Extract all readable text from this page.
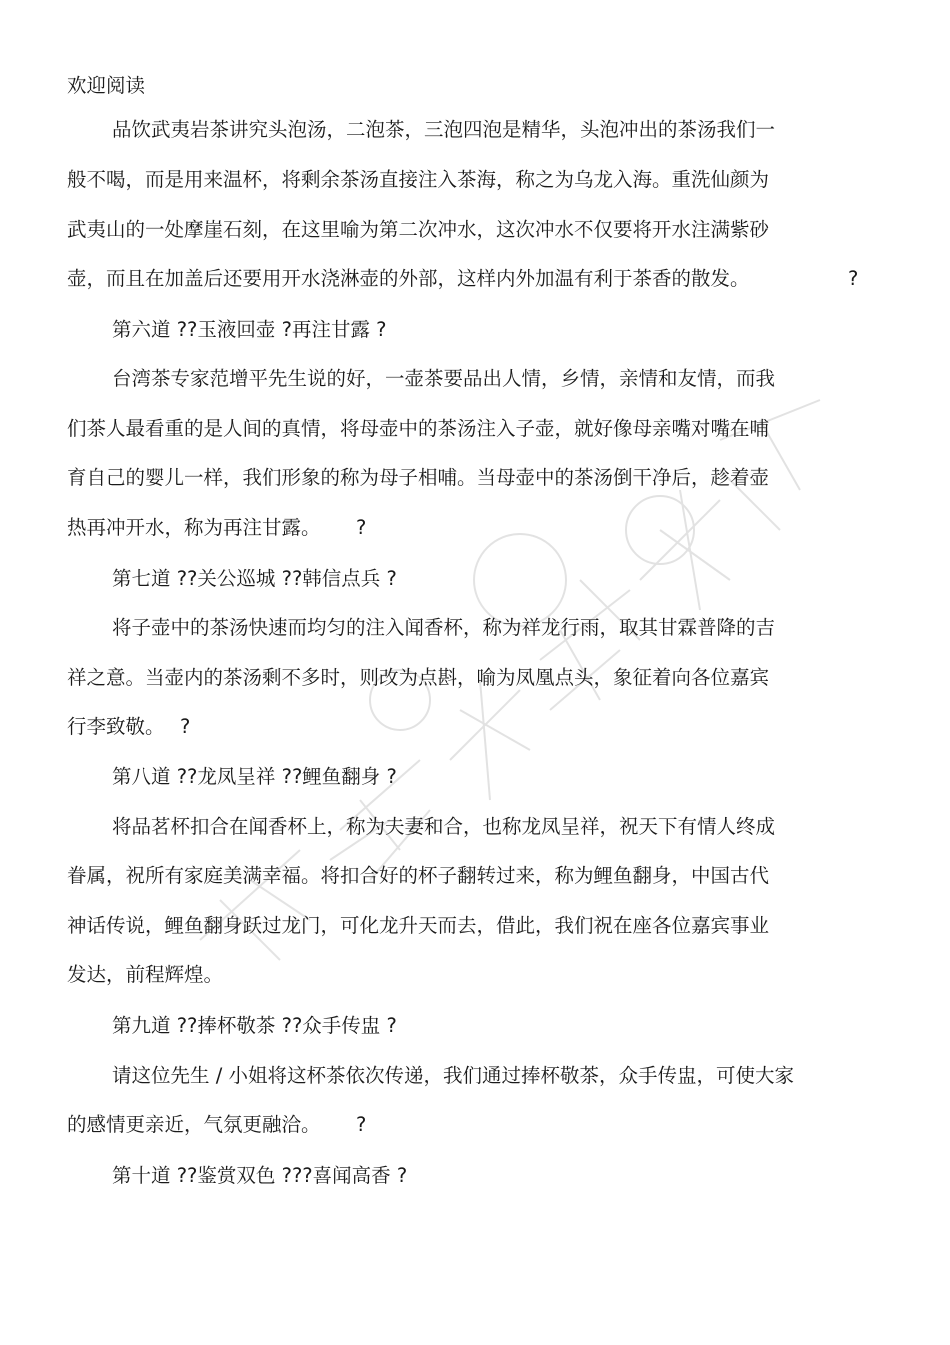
欢迎阅读
品饮武夷岩茶讲究头泡汤，二泡茶，三泡四泡是精华，头泡冲出的茶汤我们一
般不喝，而是用来温杯，将剩余茶汤直接注入茶海，称之为乌龙入海。重洗仙颜为
武夷山的一处摩崖石刻，在这里喻为第二次冲水，这次冲水不仅要将开水注满紫砂
壶，而且在加盖后还要用开水浇淋壶的外部，这样内外加温有利于茶香的散发。	?
第六道 ??玉液回壶 ?再注甘露 ?
台湾茶专家范增平先生说的好，一壶茶要品出人情，乡情，亲情和友情，而我
们茶人最看重的是人间的真情，将母壶中的茶汤注入子壶，就好像母亲嘴对嘴在哺
育自己的婴儿一样，我们形象的称为母子相哺。当母壶中的茶汤倒干净后，趁着壶
热再冲开水，称为再注甘露。 ?
第七道 ??关公巡城 ??韩信点兵 ?
将子壶中的茶汤快速而均匀的注入闻香杯，称为祥龙行雨，取其甘霖普降的吉
祥之意。当壶内的茶汤剩不多时，则改为点斟，喻为凤凰点头，象征着向各位嘉宾
行李致敬。 ?
第八道 ??龙凤呈祥 ??鲤鱼翻身 ?
将品茗杯扣合在闻香杯上，称为夫妻和合，也称龙凤呈祥，祝天下有情人终成
眷属，祝所有家庭美满幸福。将扣合好的杯子翻转过来，称为鲤鱼翻身，中国古代
神话传说，鲤鱼翻身跃过龙门，可化龙升天而去，借此，我们祝在座各位嘉宾事业
发达，前程辉煌。
第九道 ??捧杯敬茶 ??众手传盅 ?
请这位先生 / 小姐将这杯茶依次传递，我们通过捧杯敬茶，众手传盅，可使大家
的感情更亲近，气氛更融洽。 ?
第十道 ??鉴赏双色 ???喜闻高香 ?
